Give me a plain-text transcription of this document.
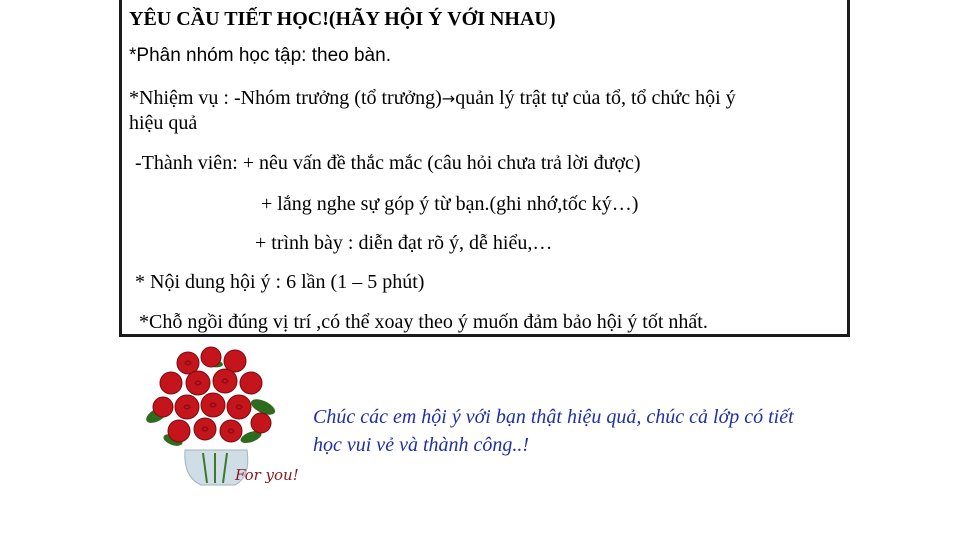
YÊU CẦU TIẾT HỌC!(HÃY HỘI Ý VỚI NHAU)
*Phân nhóm học tập: theo bàn.
*Nhiệm vụ : -Nhóm trưởng (tổ trưởng)→quản lý trật tự của tổ, tổ chức hội ý
hiệu quả
-Thành viên: + nêu vấn đề thắc mắc (câu hỏi chưa trả lời được)
+ lắng nghe sự góp ý từ bạn.(ghi nhớ,tốc ký…)
+ trình bày : diễn đạt rõ ý, dễ hiểu,…
* Nội dung hội ý : 6 lần (1 – 5 phút)
*Chỗ ngồi đúng vị trí ,có thể xoay theo ý muốn đảm bảo hội ý tốt nhất.
For you!
Chúc các em hội ý với bạn thật hiệu quả, chúc cả lớp có tiết học vui vẻ và thành công..!
